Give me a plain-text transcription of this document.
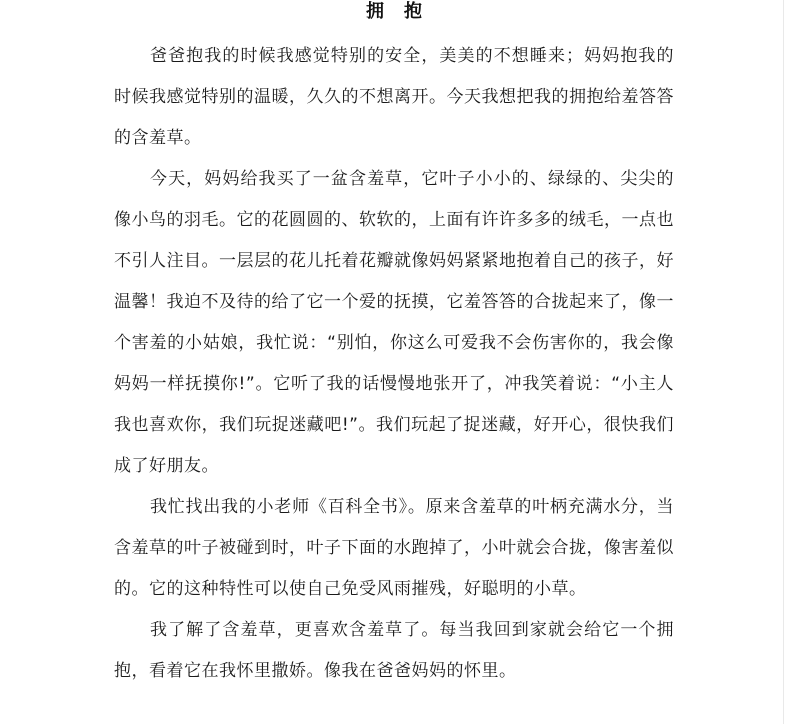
拥抱

爸爸抱我的时候我感觉特别的安全，美美的不想睡来；妈妈抱我的时候我感觉特别的温暖，久久的不想离开。今天我想把我的拥抱给羞答答的含羞草。

今天，妈妈给我买了一盆含羞草，它叶子小小的、绿绿的、尖尖的像小鸟的羽毛。它的花圆圆的、软软的，上面有许许多多的绒毛，一点也不引人注目。一层层的花儿托着花瓣就像妈妈紧紧地抱着自己的孩子，好温馨！我迫不及待的给了它一个爱的抚摸，它羞答答的合拢起来了，像一个害羞的小姑娘，我忙说：“别怕，你这么可爱我不会伤害你的，我会像妈妈一样抚摸你!”。它听了我的话慢慢地张开了，冲我笑着说：“小主人我也喜欢你，我们玩捉迷藏吧!”。我们玩起了捉迷藏，好开心，很快我们成了好朋友。

我忙找出我的小老师《百科全书》。原来含羞草的叶柄充满水分，当含羞草的叶子被碰到时，叶子下面的水跑掉了，小叶就会合拢，像害羞似的。它的这种特性可以使自己免受风雨摧残，好聪明的小草。

我了解了含羞草，更喜欢含羞草了。每当我回到家就会给它一个拥抱，看着它在我怀里撒娇。像我在爸爸妈妈的怀里。
